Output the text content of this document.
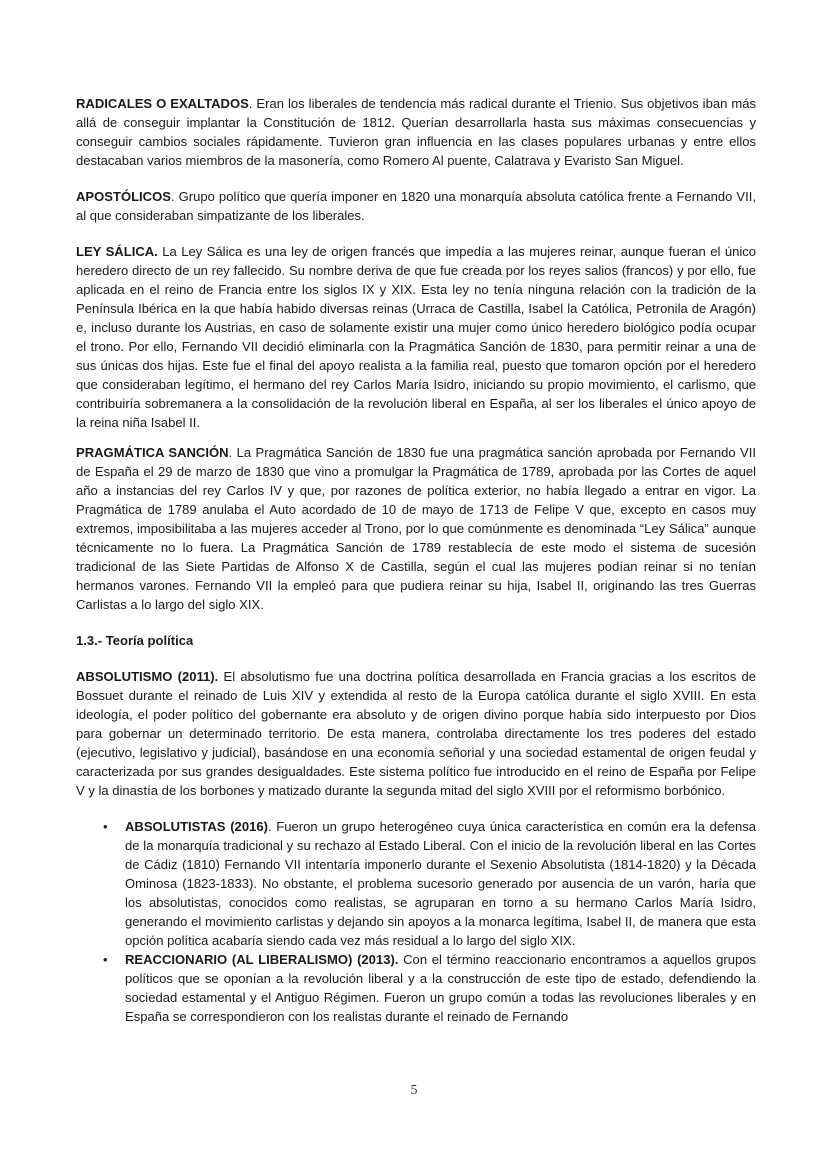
RADICALES O EXALTADOS. Eran los liberales de tendencia más radical durante el Trienio. Sus objetivos iban más allá de conseguir implantar la Constitución de 1812. Querían desarrollarla hasta sus máximas consecuencias y conseguir cambios sociales rápidamente. Tuvieron gran influencia en las clases populares urbanas y entre ellos destacaban varios miembros de la masonería, como Romero Al puente, Calatrava y Evaristo San Miguel.

APOSTÓLICOS. Grupo político que quería imponer en 1820 una monarquía absoluta católica frente a Fernando VII, al que consideraban simpatizante de los liberales.

LEY SÁLICA. La Ley Sálica es una ley de origen francés que impedía a las mujeres reinar, aunque fueran el único heredero directo de un rey fallecido. Su nombre deriva de que fue creada por los reyes salios (francos) y por ello, fue aplicada en el reino de Francia entre los siglos IX y XIX. Esta ley no tenía ninguna relación con la tradición de la Península Ibérica en la que había habido diversas reinas (Urraca de Castilla, Isabel la Católica, Petronila de Aragón) e, incluso durante los Austrias, en caso de solamente existir una mujer como único heredero biológico podía ocupar el trono. Por ello, Fernando VII decidió eliminarla con la Pragmática Sanción de 1830, para permitir reinar a una de sus únicas dos hijas. Este fue el final del apoyo realista a la familia real, puesto que tomaron opción por el heredero que consideraban legítimo, el hermano del rey Carlos María Isidro, iniciando su propio movimiento, el carlismo, que contribuiría sobremanera a la consolidación de la revolución liberal en España, al ser los liberales el único apoyo de la reina niña Isabel II.

PRAGMÁTICA SANCIÓN. La Pragmática Sanción de 1830 fue una pragmática sanción aprobada por Fernando VII de España el 29 de marzo de 1830 que vino a promulgar la Pragmática de 1789, aprobada por las Cortes de aquel año a instancias del rey Carlos IV y que, por razones de política exterior, no había llegado a entrar en vigor. La Pragmática de 1789 anulaba el Auto acordado de 10 de mayo de 1713 de Felipe V que, excepto en casos muy extremos, imposibilitaba a las mujeres acceder al Trono, por lo que comúnmente es denominada “Ley Sálica” aunque técnicamente no lo fuera. La Pragmática Sanción de 1789 restablecía de este modo el sistema de sucesión tradicional de las Siete Partidas de Alfonso X de Castilla, según el cual las mujeres podían reinar si no tenían hermanos varones. Fernando VII la empleó para que pudiera reinar su hija, Isabel II, originando las tres Guerras Carlistas a lo largo del siglo XIX.

1.3.- Teoría política

ABSOLUTISMO (2011). El absolutismo fue una doctrina política desarrollada en Francia gracias a los escritos de Bossuet durante el reinado de Luis XIV y extendida al resto de la Europa católica durante el siglo XVIII. En esta ideología, el poder político del gobernante era absoluto y de origen divino porque había sido interpuesto por Dios para gobernar un determinado territorio. De esta manera, controlaba directamente los tres poderes del estado (ejecutivo, legislativo y judicial), basándose en una economía señorial y una sociedad estamental de origen feudal y caracterizada por sus grandes desigualdades. Este sistema político fue introducido en el reino de España por Felipe V y la dinastía de los borbones y matizado durante la segunda mitad del siglo XVIII por el reformismo borbónico.

• ABSOLUTISTAS (2016). Fueron un grupo heterogéneo cuya única característica en común era la defensa de la monarquía tradicional y su rechazo al Estado Liberal. Con el inicio de la revolución liberal en las Cortes de Cádiz (1810) Fernando VII intentaría imponerlo durante el Sexenio Absolutista (1814-1820) y la Década Ominosa (1823-1833). No obstante, el problema sucesorio generado por ausencia de un varón, haría que los absolutistas, conocidos como realistas, se agruparan en torno a su hermano Carlos María Isidro, generando el movimiento carlistas y dejando sin apoyos a la monarca legítima, Isabel II, de manera que esta opción política acabaría siendo cada vez más residual a lo largo del siglo XIX.

• REACCIONARIO (AL LIBERALISMO) (2013). Con el término reaccionario encontramos a aquellos grupos políticos que se oponían a la revolución liberal y a la construcción de este tipo de estado, defendiendo la sociedad estamental y el Antiguo Régimen. Fueron un grupo común a todas las revoluciones liberales y en España se correspondieron con los realistas durante el reinado de Fernando

5
